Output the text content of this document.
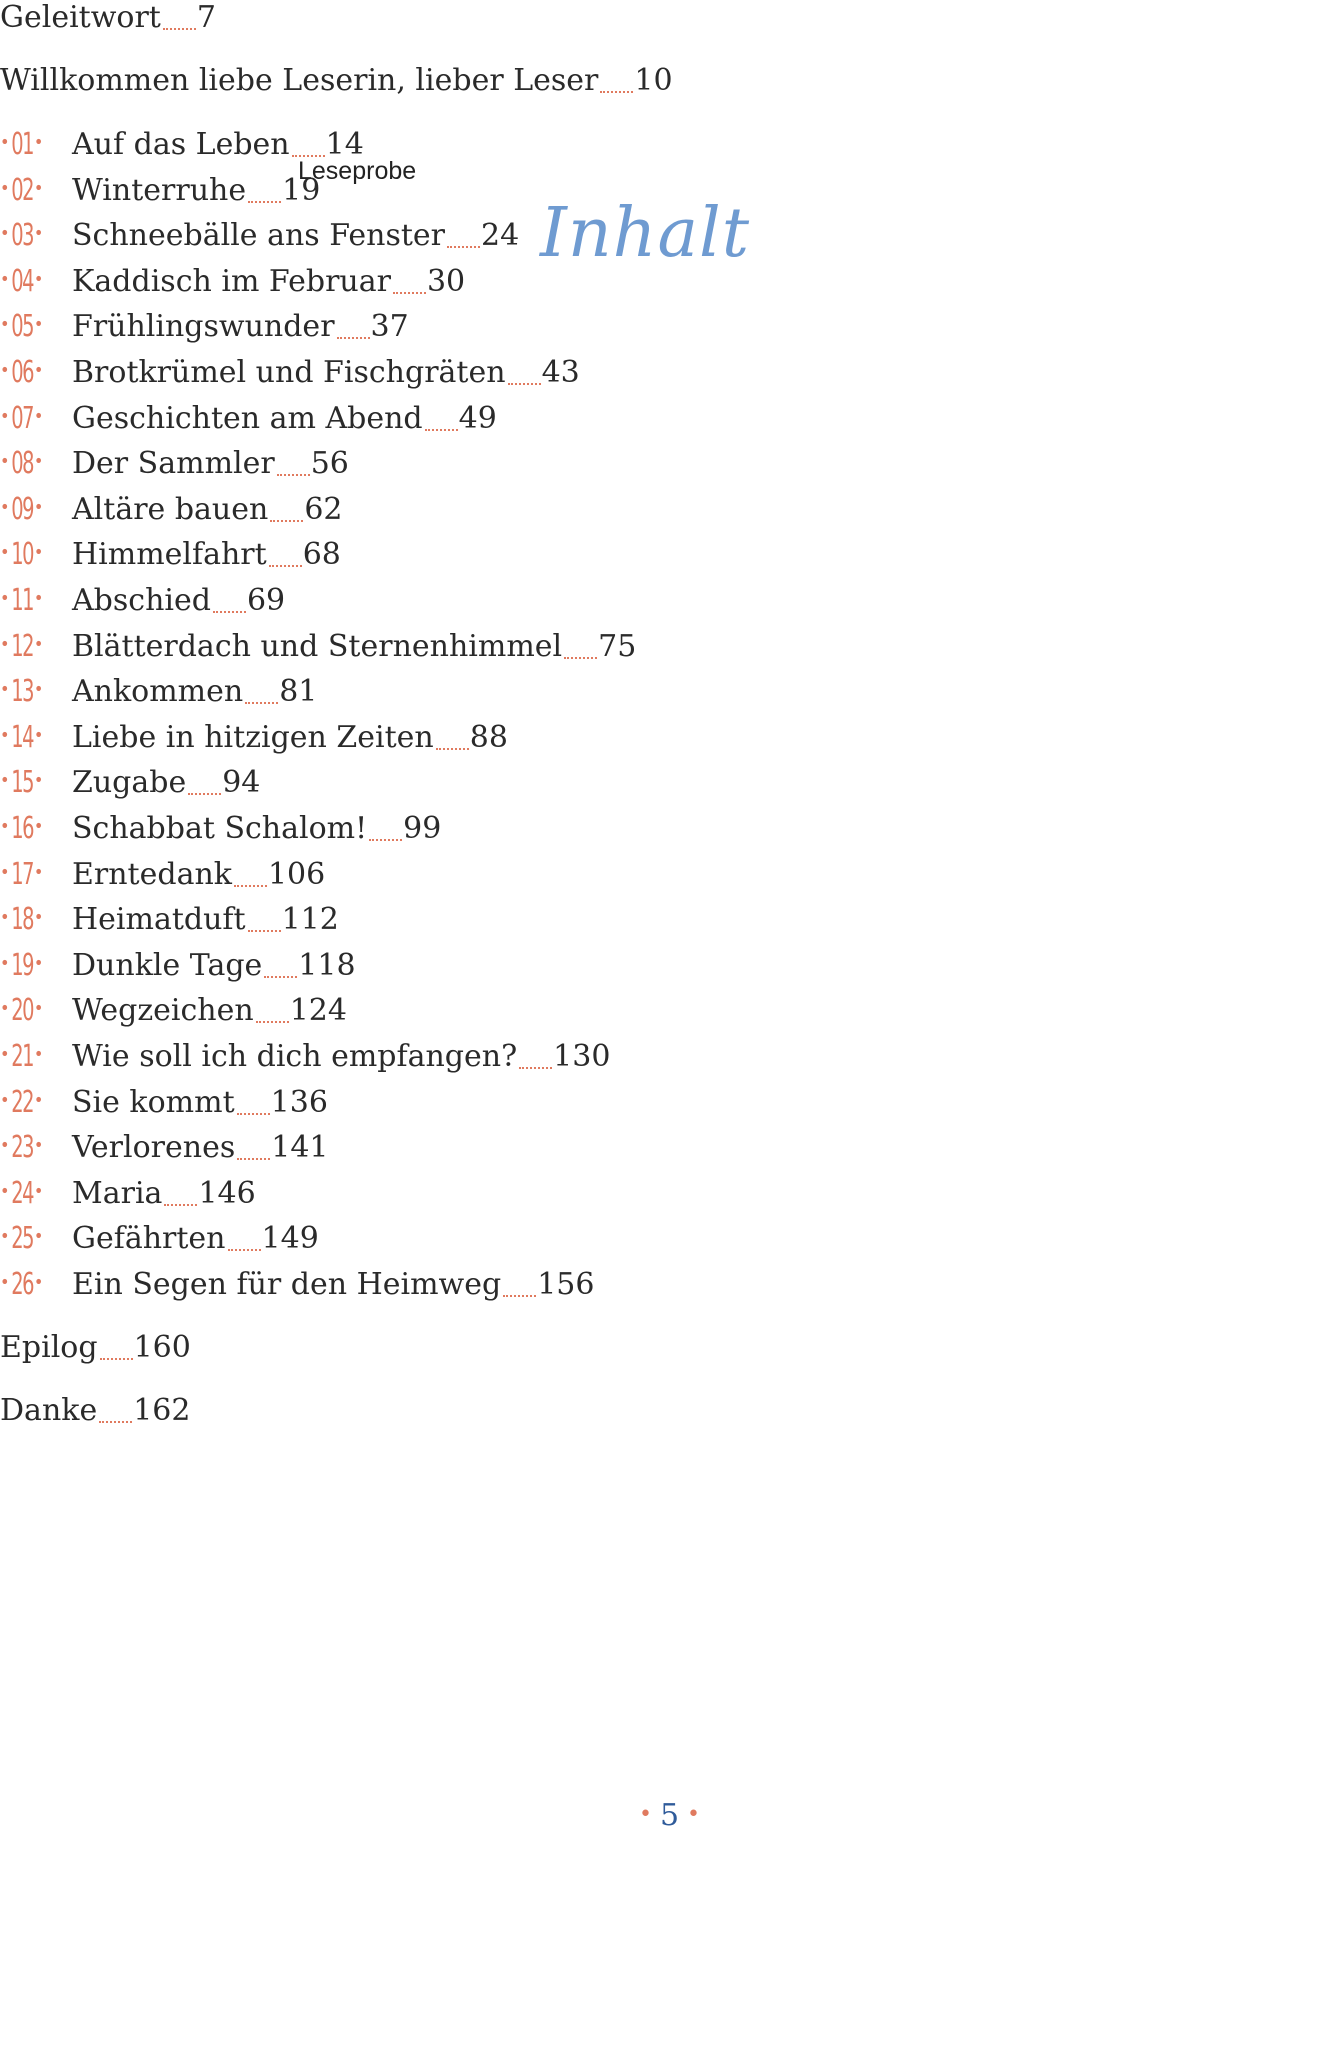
Leseprobe
Inhalt
Geleitwort 7
Willkommen liebe Leserin, lieber Leser 10
•01• Auf das Leben 14
•02• Winterruhe 19
•03• Schneebälle ans Fenster 24
•04• Kaddisch im Februar 30
•05• Frühlingswunder 37
•06• Brotkrümel und Fischgräten 43
•07• Geschichten am Abend 49
•08• Der Sammler 56
•09• Altäre bauen 62
•10• Himmelfahrt 68
•11• Abschied 69
•12• Blätterdach und Sternenhimmel 75
•13• Ankommen 81
•14• Liebe in hitzigen Zeiten 88
•15• Zugabe 94
•16• Schabbat Schalom! 99
•17• Erntedank 106
•18• Heimatduft 112
•19• Dunkle Tage 118
•20• Wegzeichen 124
•21• Wie soll ich dich empfangen? 130
•22• Sie kommt 136
•23• Verlorenes 141
•24• Maria 146
•25• Gefährten 149
•26• Ein Segen für den Heimweg 156
Epilog 160
Danke 162
• 5 •
